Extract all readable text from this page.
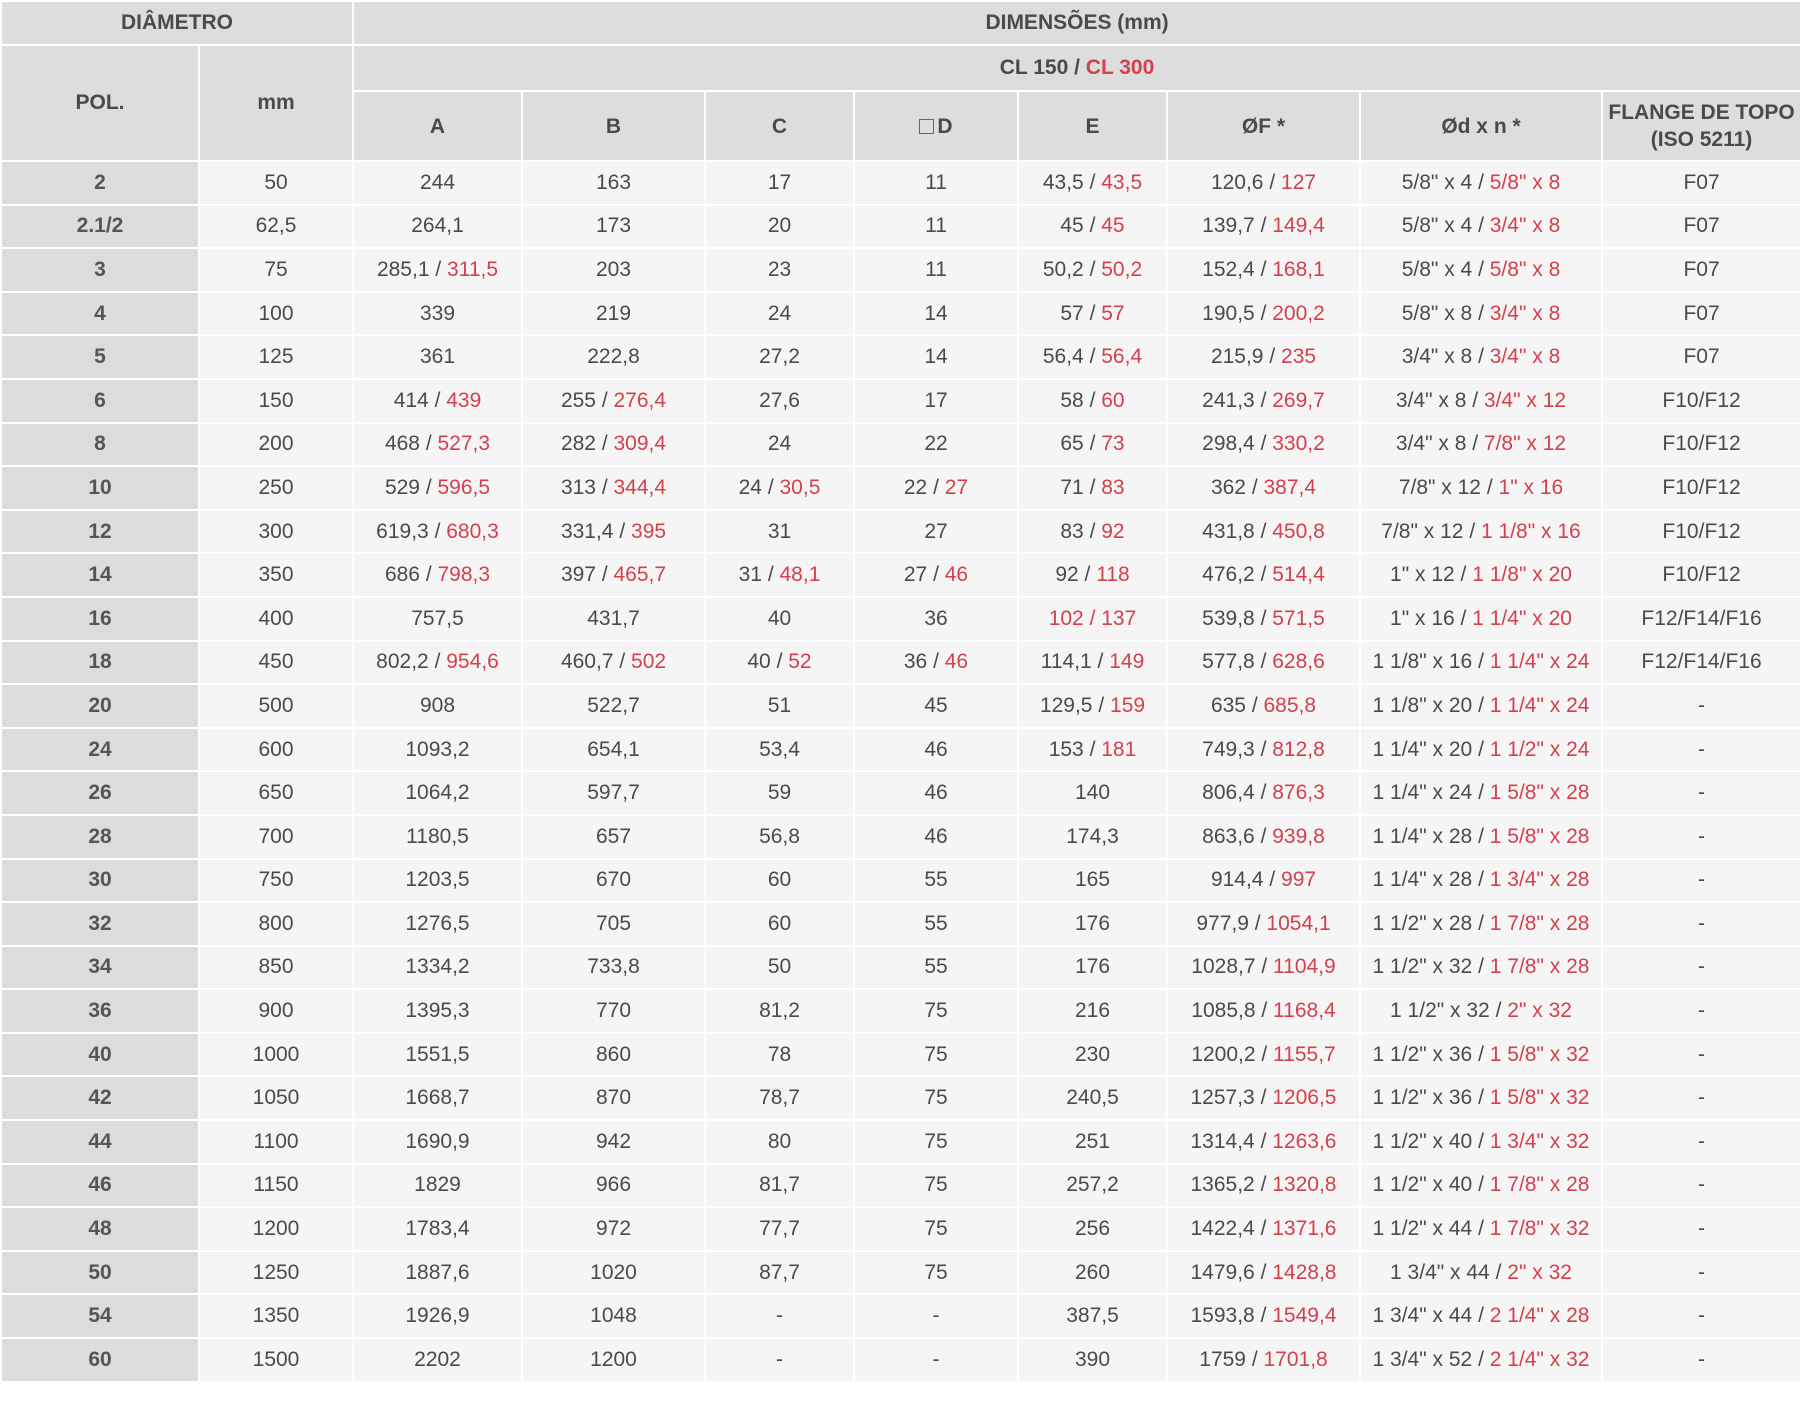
DIÂMETRO		DIMENSÕES (mm)							
POL.	mm	CL 150 / CL 300							
		A	B	C	D	E	ØF *	Ød x n *	FLANGE DE TOPO
(ISO 5211)
2	50	244	163	17	11	43,5 / 43,5	120,6 / 127	5/8" x 4 / 5/8" x 8	F07
2.1/2	62,5	264,1	173	20	11	45 / 45	139,7 / 149,4	5/8" x 4 / 3/4" x 8	F07
3	75	285,1 / 311,5	203	23	11	50,2 / 50,2	152,4 / 168,1	5/8" x 4 / 5/8" x 8	F07
4	100	339	219	24	14	57 / 57	190,5 / 200,2	5/8" x 8 / 3/4" x 8	F07
5	125	361	222,8	27,2	14	56,4 / 56,4	215,9 / 235	3/4" x 8 / 3/4" x 8	F07
6	150	414 / 439	255 / 276,4	27,6	17	58 / 60	241,3 / 269,7	3/4" x 8 / 3/4" x 12	F10/F12
8	200	468 / 527,3	282 / 309,4	24	22	65 / 73	298,4 / 330,2	3/4" x 8 / 7/8" x 12	F10/F12
10	250	529 / 596,5	313 / 344,4	24 / 30,5	22 / 27	71 / 83	362 / 387,4	7/8" x 12 / 1" x 16	F10/F12
12	300	619,3 / 680,3	331,4 / 395	31	27	83 / 92	431,8 / 450,8	7/8" x 12 / 1 1/8" x 16	F10/F12
14	350	686 / 798,3	397 / 465,7	31 / 48,1	27 / 46	92 / 118	476,2 / 514,4	1" x 12 / 1 1/8" x 20	F10/F12
16	400	757,5	431,7	40	36	102 / 137	539,8 / 571,5	1" x 16 / 1 1/4" x 20	F12/F14/F16
18	450	802,2 / 954,6	460,7 / 502	40 / 52	36 / 46	114,1 / 149	577,8 / 628,6	1 1/8" x 16 / 1 1/4" x 24	F12/F14/F16
20	500	908	522,7	51	45	129,5 / 159	635 / 685,8	1 1/8" x 20 / 1 1/4" x 24	-
24	600	1093,2	654,1	53,4	46	153 / 181	749,3 / 812,8	1 1/4" x 20 / 1 1/2" x 24	-
26	650	1064,2	597,7	59	46	140	806,4 / 876,3	1 1/4" x 24 / 1 5/8" x 28	-
28	700	1180,5	657	56,8	46	174,3	863,6 / 939,8	1 1/4" x 28 / 1 5/8" x 28	-
30	750	1203,5	670	60	55	165	914,4 / 997	1 1/4" x 28 / 1 3/4" x 28	-
32	800	1276,5	705	60	55	176	977,9 / 1054,1	1 1/2" x 28 / 1 7/8" x 28	-
34	850	1334,2	733,8	50	55	176	1028,7 / 1104,9	1 1/2" x 32 / 1 7/8" x 28	-
36	900	1395,3	770	81,2	75	216	1085,8 / 1168,4	1 1/2" x 32 / 2" x 32	-
40	1000	1551,5	860	78	75	230	1200,2 / 1155,7	1 1/2" x 36 / 1 5/8" x 32	-
42	1050	1668,7	870	78,7	75	240,5	1257,3 / 1206,5	1 1/2" x 36 / 1 5/8" x 32	-
44	1100	1690,9	942	80	75	251	1314,4 / 1263,6	1 1/2" x 40 / 1 3/4" x 32	-
46	1150	1829	966	81,7	75	257,2	1365,2 / 1320,8	1 1/2" x 40 / 1 7/8" x 28	-
48	1200	1783,4	972	77,7	75	256	1422,4 / 1371,6	1 1/2" x 44 / 1 7/8" x 32	-
50	1250	1887,6	1020	87,7	75	260	1479,6 / 1428,8	1 3/4" x 44 / 2" x 32	-
54	1350	1926,9	1048	-	-	387,5	1593,8 / 1549,4	1 3/4" x 44 / 2 1/4" x 28	-
60	1500	2202	1200	-	-	390	1759 / 1701,8	1 3/4" x 52 / 2 1/4" x 32	-
